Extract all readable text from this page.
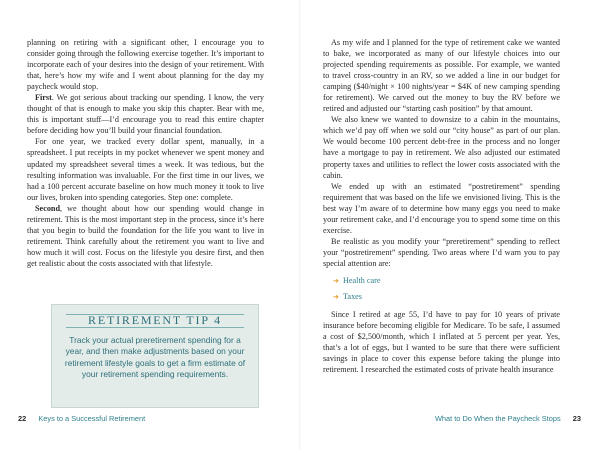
planning on retiring with a significant other, I encourage you to consider going through the following exercise together. It’s important to incorporate each of your desires into the design of your retirement. With that, here’s how my wife and I went about planning for the day my paycheck would stop.

First. We got serious about tracking our spending. I know, the very thought of that is enough to make you skip this chapter. Bear with me, this is important stuff—I’d encourage you to read this entire chapter before deciding how you’ll build your financial foundation.

For one year, we tracked every dollar spent, manually, in a spreadsheet. I put receipts in my pocket whenever we spent money and updated my spreadsheet several times a week. It was tedious, but the resulting information was invaluable. For the first time in our lives, we had a 100 percent accurate baseline on how much money it took to live our lives, broken into spending categories. Step one: complete.

Second, we thought about how our spending would change in retirement. This is the most important step in the process, since it’s here that you begin to build the foundation for the life you want to live in retirement. Think carefully about the retirement you want to live and how much it will cost. Focus on the lifestyle you desire first, and then get realistic about the costs associated with that lifestyle.

RETIREMENT TIP 4
Track your actual preretirement spending for a year, and then make adjustments based on your retirement lifestyle goals to get a firm estimate of your retirement spending requirements.
22 Keys to a Successful Retirement

As my wife and I planned for the type of retirement cake we wanted to bake, we incorporated as many of our lifestyle choices into our projected spending requirements as possible. For example, we wanted to travel cross-country in an RV, so we added a line in our budget for camping ($40/night × 100 nights/year = $4K of new camping spending for retirement). We carved out the money to buy the RV before we retired and adjusted our “starting cash position” by that amount.

We also knew we wanted to downsize to a cabin in the mountains, which we’d pay off when we sold our “city house” as part of our plan. We would become 100 percent debt-free in the process and no longer have a mortgage to pay in retirement. We also adjusted our estimated property taxes and utilities to reflect the lower costs associated with the cabin.

We ended up with an estimated “postretirement” spending requirement that was based on the life we envisioned living. This is the best way I’m aware of to determine how many eggs you need to make your retirement cake, and I’d encourage you to spend some time on this exercise.

Be realistic as you modify your “preretirement” spending to reflect your “postretirement” spending. Two areas where I’d warn you to pay special attention are:

➜ Health care
➜ Taxes

Since I retired at age 55, I’d have to pay for 10 years of private insurance before becoming eligible for Medicare. To be safe, I assumed a cost of $2,500/month, which I inflated at 5 percent per year. Yes, that’s a lot of eggs, but I wanted to be sure that there were sufficient savings in place to cover this expense before taking the plunge into retirement. I researched the estimated costs of private health insurance

What to Do When the Paycheck Stops 23
